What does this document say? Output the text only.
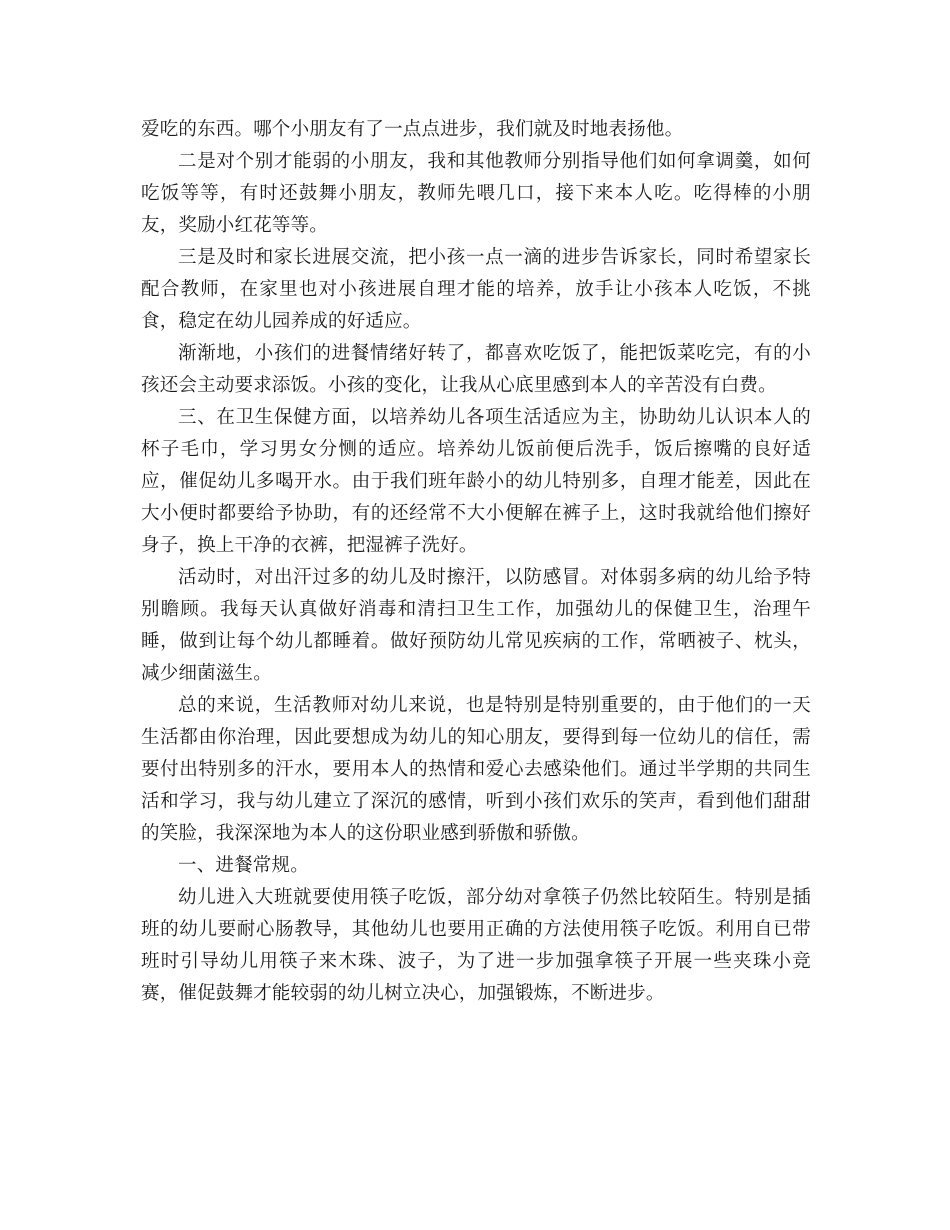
爱吃的东西。哪个小朋友有了一点点进步，我们就及时地表扬他。

二是对个别才能弱的小朋友，我和其他教师分别指导他们如何拿调羹，如何吃饭等等，有时还鼓舞小朋友，教师先喂几口，接下来本人吃。吃得棒的小朋友，奖励小红花等等。

三是及时和家长进展交流，把小孩一点一滴的进步告诉家长，同时希望家长配合教师，在家里也对小孩进展自理才能的培养，放手让小孩本人吃饭，不挑食，稳定在幼儿园养成的好适应。

渐渐地，小孩们的进餐情绪好转了，都喜欢吃饭了，能把饭菜吃完，有的小孩还会主动要求添饭。小孩的变化，让我从心底里感到本人的辛苦没有白费。

三、在卫生保健方面，以培养幼儿各项生活适应为主，协助幼儿认识本人的杯子毛巾，学习男女分恻的适应。培养幼儿饭前便后洗手，饭后擦嘴的良好适应，催促幼儿多喝开水。由于我们班年龄小的幼儿特别多，自理才能差，因此在大小便时都要给予协助，有的还经常不大小便解在裤子上，这时我就给他们擦好身子，换上干净的衣裤，把湿裤子洗好。

活动时，对出汗过多的幼儿及时擦汗，以防感冒。对体弱多病的幼儿给予特别瞻顾。我每天认真做好消毒和清扫卫生工作，加强幼儿的保健卫生，治理午睡，做到让每个幼儿都睡着。做好预防幼儿常见疾病的工作，常晒被子、枕头，减少细菌滋生。

总的来说，生活教师对幼儿来说，也是特别是特别重要的，由于他们的一天生活都由你治理，因此要想成为幼儿的知心朋友，要得到每一位幼儿的信任，需要付出特别多的汗水，要用本人的热情和爱心去感染他们。通过半学期的共同生活和学习，我与幼儿建立了深沉的感情，听到小孩们欢乐的笑声，看到他们甜甜的笑脸，我深深地为本人的这份职业感到骄傲和骄傲。

一、进餐常规。

幼儿进入大班就要使用筷子吃饭，部分幼对拿筷子仍然比较陌生。特别是插班的幼儿要耐心肠教导，其他幼儿也要用正确的方法使用筷子吃饭。利用自已带班时引导幼儿用筷子来木珠、波子，为了进一步加强拿筷子开展一些夹珠小竞赛，催促鼓舞才能较弱的幼儿树立决心，加强锻炼，不断进步。
